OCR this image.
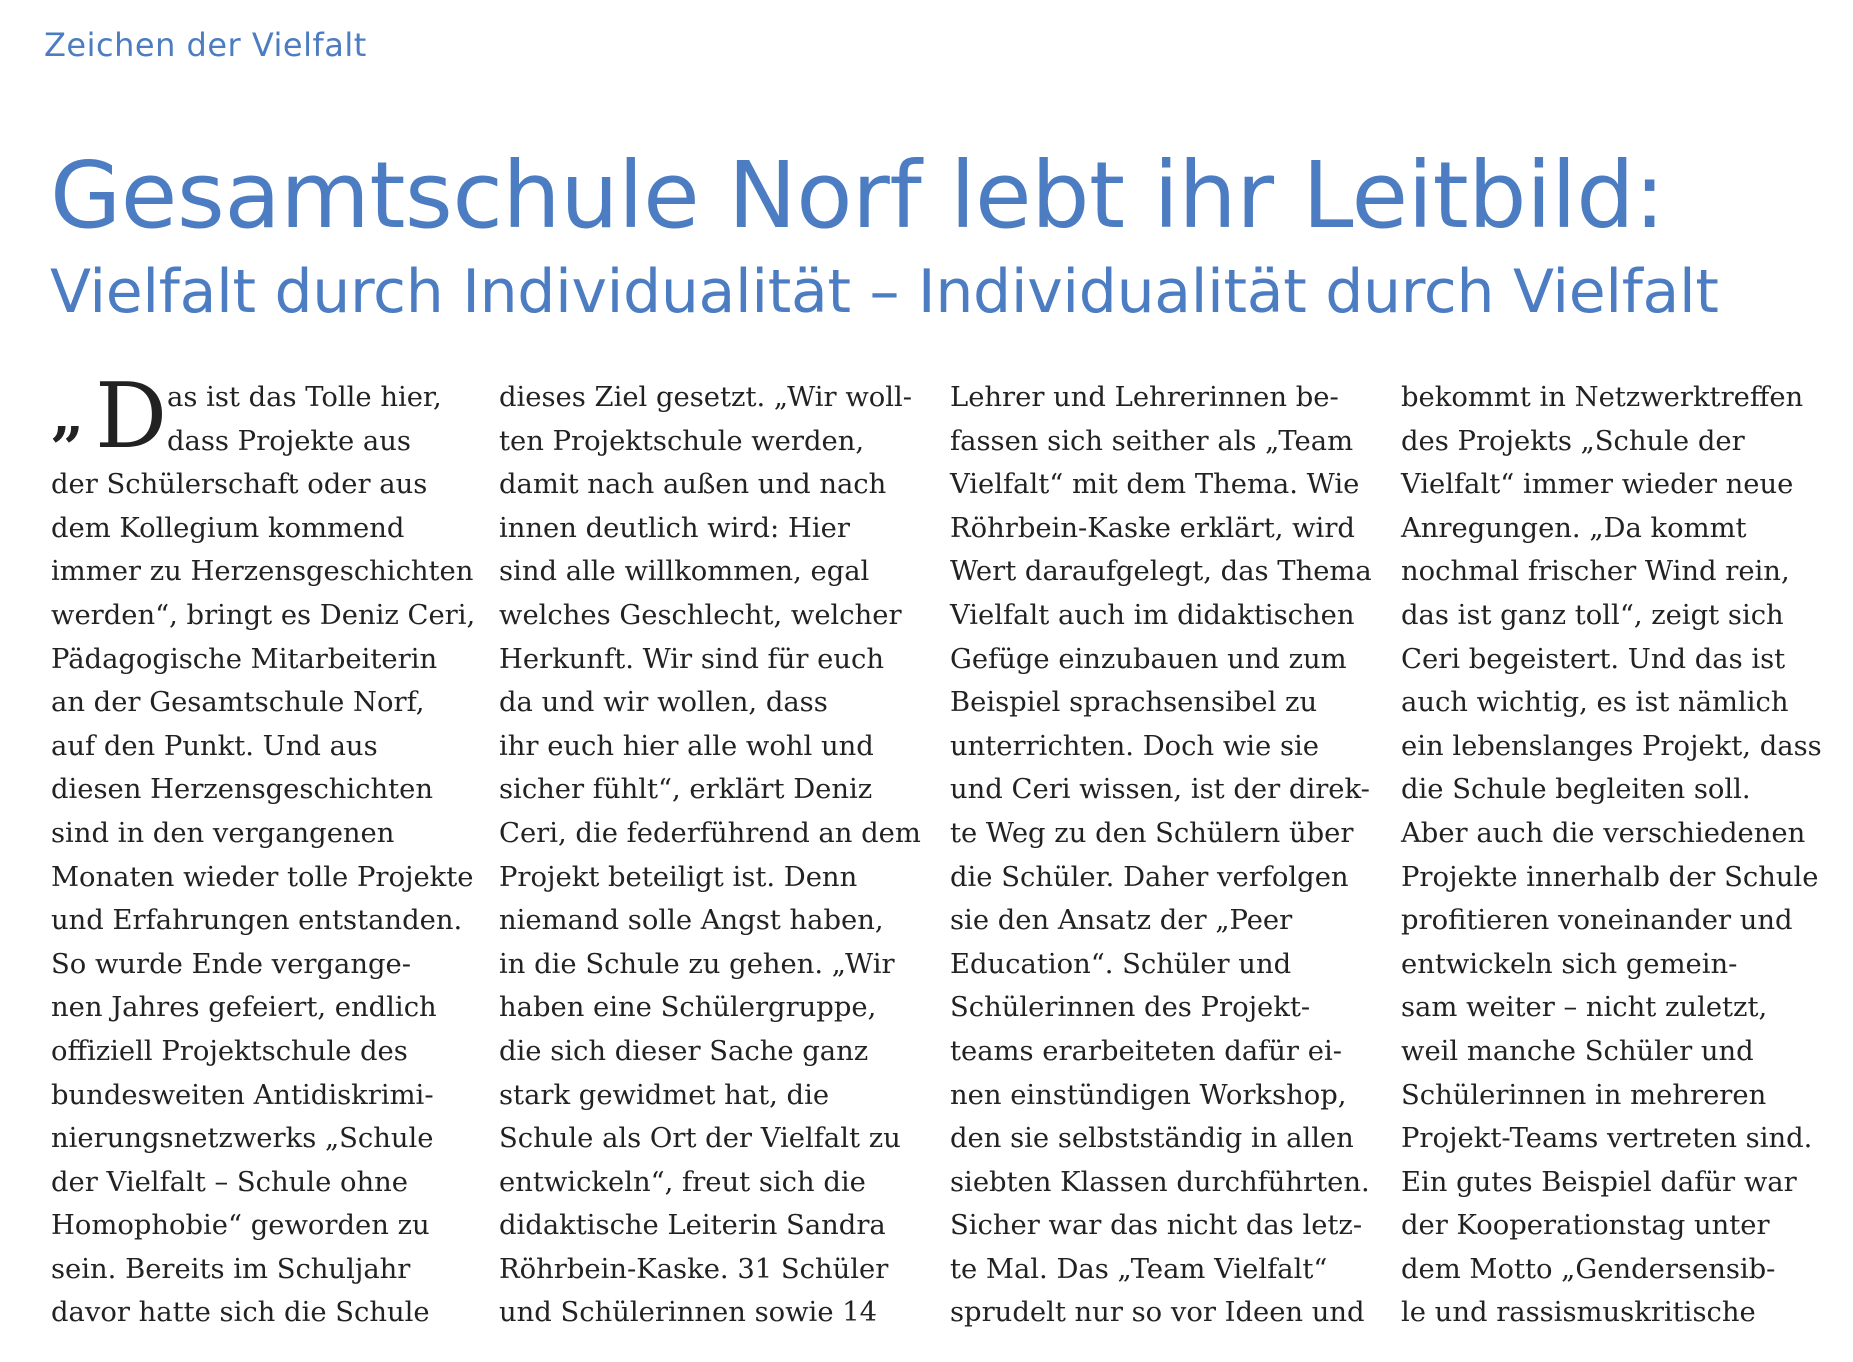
Zeichen der Vielfalt
Gesamtschule Norf lebt ihr Leitbild:
Vielfalt durch Individualität – Individualität durch Vielfalt
„ D as ist das Tolle hier,
dass Projekte aus
der Schülerschaft oder aus
dem Kollegium kommend
immer zu Herzensgeschichten
werden“, bringt es Deniz Ceri,
Pädagogische Mitarbeiterin
an der Gesamtschule Norf,
auf den Punkt. Und aus
diesen Herzensgeschichten
sind in den vergangenen
Monaten wieder tolle Projekte
und Erfahrungen entstanden.
So wurde Ende vergange-
nen Jahres gefeiert, endlich
offiziell Projektschule des
bundesweiten Antidiskrimi-
nierungsnetzwerks „Schule
der Vielfalt – Schule ohne
Homophobie“ geworden zu
sein. Bereits im Schuljahr
davor hatte sich die Schule
dieses Ziel gesetzt. „Wir woll-
ten Projektschule werden,
damit nach außen und nach
innen deutlich wird: Hier
sind alle willkommen, egal
welches Geschlecht, welcher
Herkunft. Wir sind für euch
da und wir wollen, dass
ihr euch hier alle wohl und
sicher fühlt“, erklärt Deniz
Ceri, die federführend an dem
Projekt beteiligt ist. Denn
niemand solle Angst haben,
in die Schule zu gehen. „Wir
haben eine Schülergruppe,
die sich dieser Sache ganz
stark gewidmet hat, die
Schule als Ort der Vielfalt zu
entwickeln“, freut sich die
didaktische Leiterin Sandra
Röhrbein-Kaske. 31 Schüler
und Schülerinnen sowie 14
Lehrer und Lehrerinnen be-
fassen sich seither als „Team
Vielfalt“ mit dem Thema. Wie
Röhrbein-Kaske erklärt, wird
Wert daraufgelegt, das Thema
Vielfalt auch im didaktischen
Gefüge einzubauen und zum
Beispiel sprachsensibel zu
unterrichten. Doch wie sie
und Ceri wissen, ist der direk-
te Weg zu den Schülern über
die Schüler. Daher verfolgen
sie den Ansatz der „Peer
Education“. Schüler und
Schülerinnen des Projekt-
teams erarbeiteten dafür ei-
nen einstündigen Workshop,
den sie selbstständig in allen
siebten Klassen durchführten.
Sicher war das nicht das letz-
te Mal. Das „Team Vielfalt“
sprudelt nur so vor Ideen und
bekommt in Netzwerktreffen
des Projekts „Schule der
Vielfalt“ immer wieder neue
Anregungen. „Da kommt
nochmal frischer Wind rein,
das ist ganz toll“, zeigt sich
Ceri begeistert. Und das ist
auch wichtig, es ist nämlich
ein lebenslanges Projekt, dass
die Schule begleiten soll.
Aber auch die verschiedenen
Projekte innerhalb der Schule
profitieren voneinander und
entwickeln sich gemein-
sam weiter – nicht zuletzt,
weil manche Schüler und
Schülerinnen in mehreren
Projekt-Teams vertreten sind.
Ein gutes Beispiel dafür war
der Kooperationstag unter
dem Motto „Gendersensib-
le und rassismuskritische
